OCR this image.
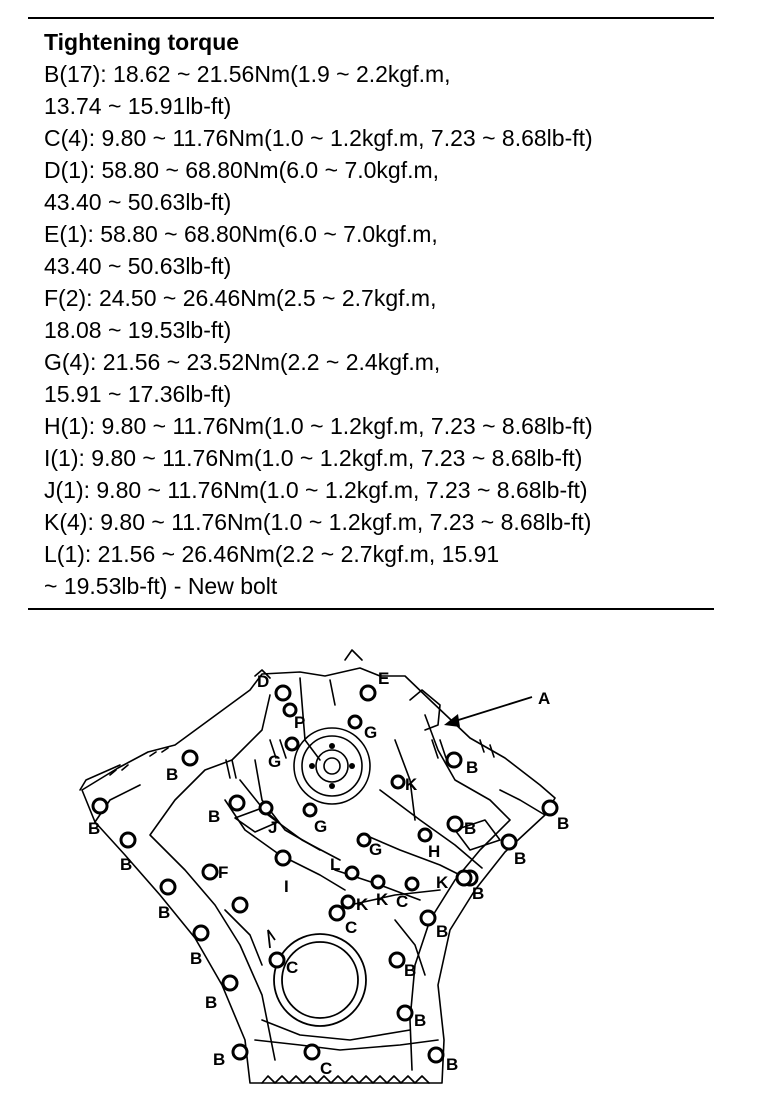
Tightening torque
B(17): 18.62 ~ 21.56Nm(1.9 ~ 2.2kgf.m,
13.74 ~ 15.91lb-ft)
C(4): 9.80 ~ 11.76Nm(1.0 ~ 1.2kgf.m, 7.23 ~ 8.68lb-ft)
D(1): 58.80 ~ 68.80Nm(6.0 ~ 7.0kgf.m,
43.40 ~ 50.63lb-ft)
E(1): 58.80 ~ 68.80Nm(6.0 ~ 7.0kgf.m,
43.40 ~ 50.63lb-ft)
F(2): 24.50 ~ 26.46Nm(2.5 ~ 2.7kgf.m,
18.08 ~ 19.53lb-ft)
G(4): 21.56 ~ 23.52Nm(2.2 ~ 2.4kgf.m,
15.91 ~ 17.36lb-ft)
H(1): 9.80 ~ 11.76Nm(1.0 ~ 1.2kgf.m, 7.23 ~ 8.68lb-ft)
I(1): 9.80 ~ 11.76Nm(1.0 ~ 1.2kgf.m, 7.23 ~ 8.68lb-ft)
J(1): 9.80 ~ 11.76Nm(1.0 ~ 1.2kgf.m, 7.23 ~ 8.68lb-ft)
K(4): 9.80 ~ 11.76Nm(1.0 ~ 1.2kgf.m, 7.23 ~ 8.68lb-ft)
L(1): 21.56 ~ 26.46Nm(2.2 ~ 2.7kgf.m, 15.91
~ 19.53lb-ft) - New bolt
A
D	E
P
G
G
G
G
K
K K
K
H
L
J
I
F
C
C
C
C
B
B
B
B
B
B
B
B
B
B
B
B
B
B
B
B
B
